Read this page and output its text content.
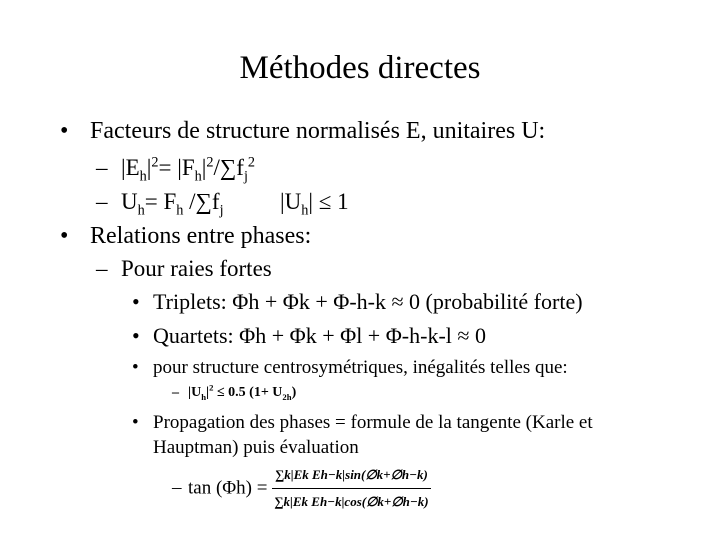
Méthodes directes
• Facteurs de structure normalisés E, unitaires U:
– $|E_h|^2= |F_h|^2/\sum f_j^2$
– $U_h= F_h$ $/\sum f_j$ $|U_h| \le 1$
• Relations entre phases:
– Pour raies fortes
• Triplets: Φh + Φk + Φ-h-k ≈ 0 (probabilité forte)
• Quartets: Φh + Φk + Φl + Φ-h-k-l ≈ 0
• pour structure centrosymétriques, inégalités telles que:
– $|U_h|^2 \le 0.5$ $(1+ U_{2h})$
• Propagation des phases = formule de la tangente (Karle et
Hauptman) puis évaluation
– $\tan (\Phi h) = \frac{\text{∑k|Ek Eh−k|sin(∅k+∅h−k)}}{\text{∑k|Ek Eh−k|cos(∅k+∅h−k)}}$
